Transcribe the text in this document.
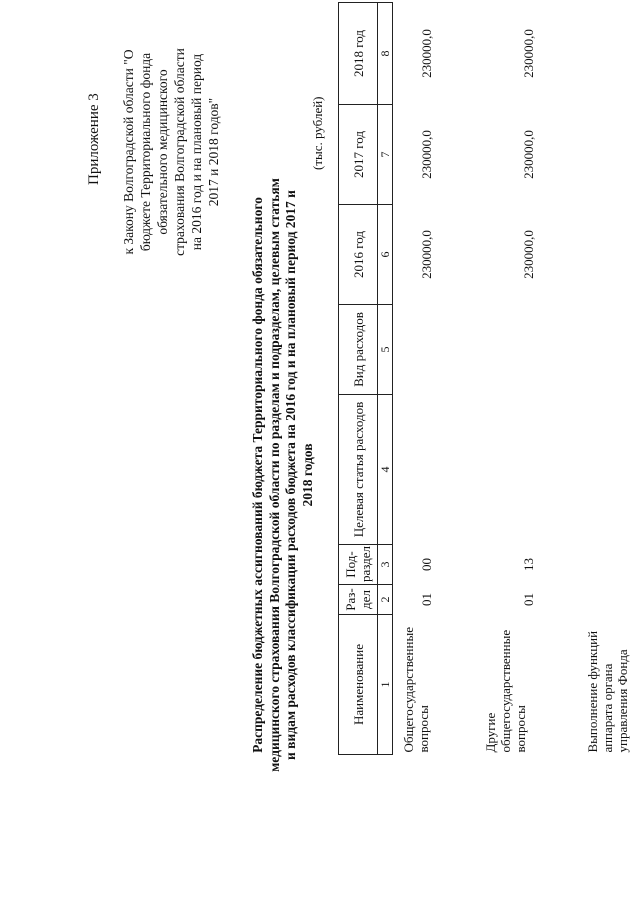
Приложение 3 к Закону Волгоградской области "О бюджете Территориального фонда обязательного медицинского страхования Волгоградской области на 2016 год и на плановый период 2017 и 2018 годов"
Распределение бюджетных ассигнований бюджета Территориального фонда обязательного медицинского страхования Волгоградской области по разделам и подразделам, целевым статьям и видам расходов классификации расходов бюджета на 2016 год и на плановый период 2017 и 2018 годов
(тыс. рублей)
Наименование	Раз-дел	Под-раздел	Целевая статья расходов	Вид расходов	2016 год	2017 год	2018 год
1	2	3	4	5	6	7	8
Общегосударственные вопросы	01	00			230000,0	230000,0	230000,0
Другие общегосударственные вопросы	01	13			230000,0	230000,0	230000,0
Выполнение функций аппарата органа управления Фонда							
